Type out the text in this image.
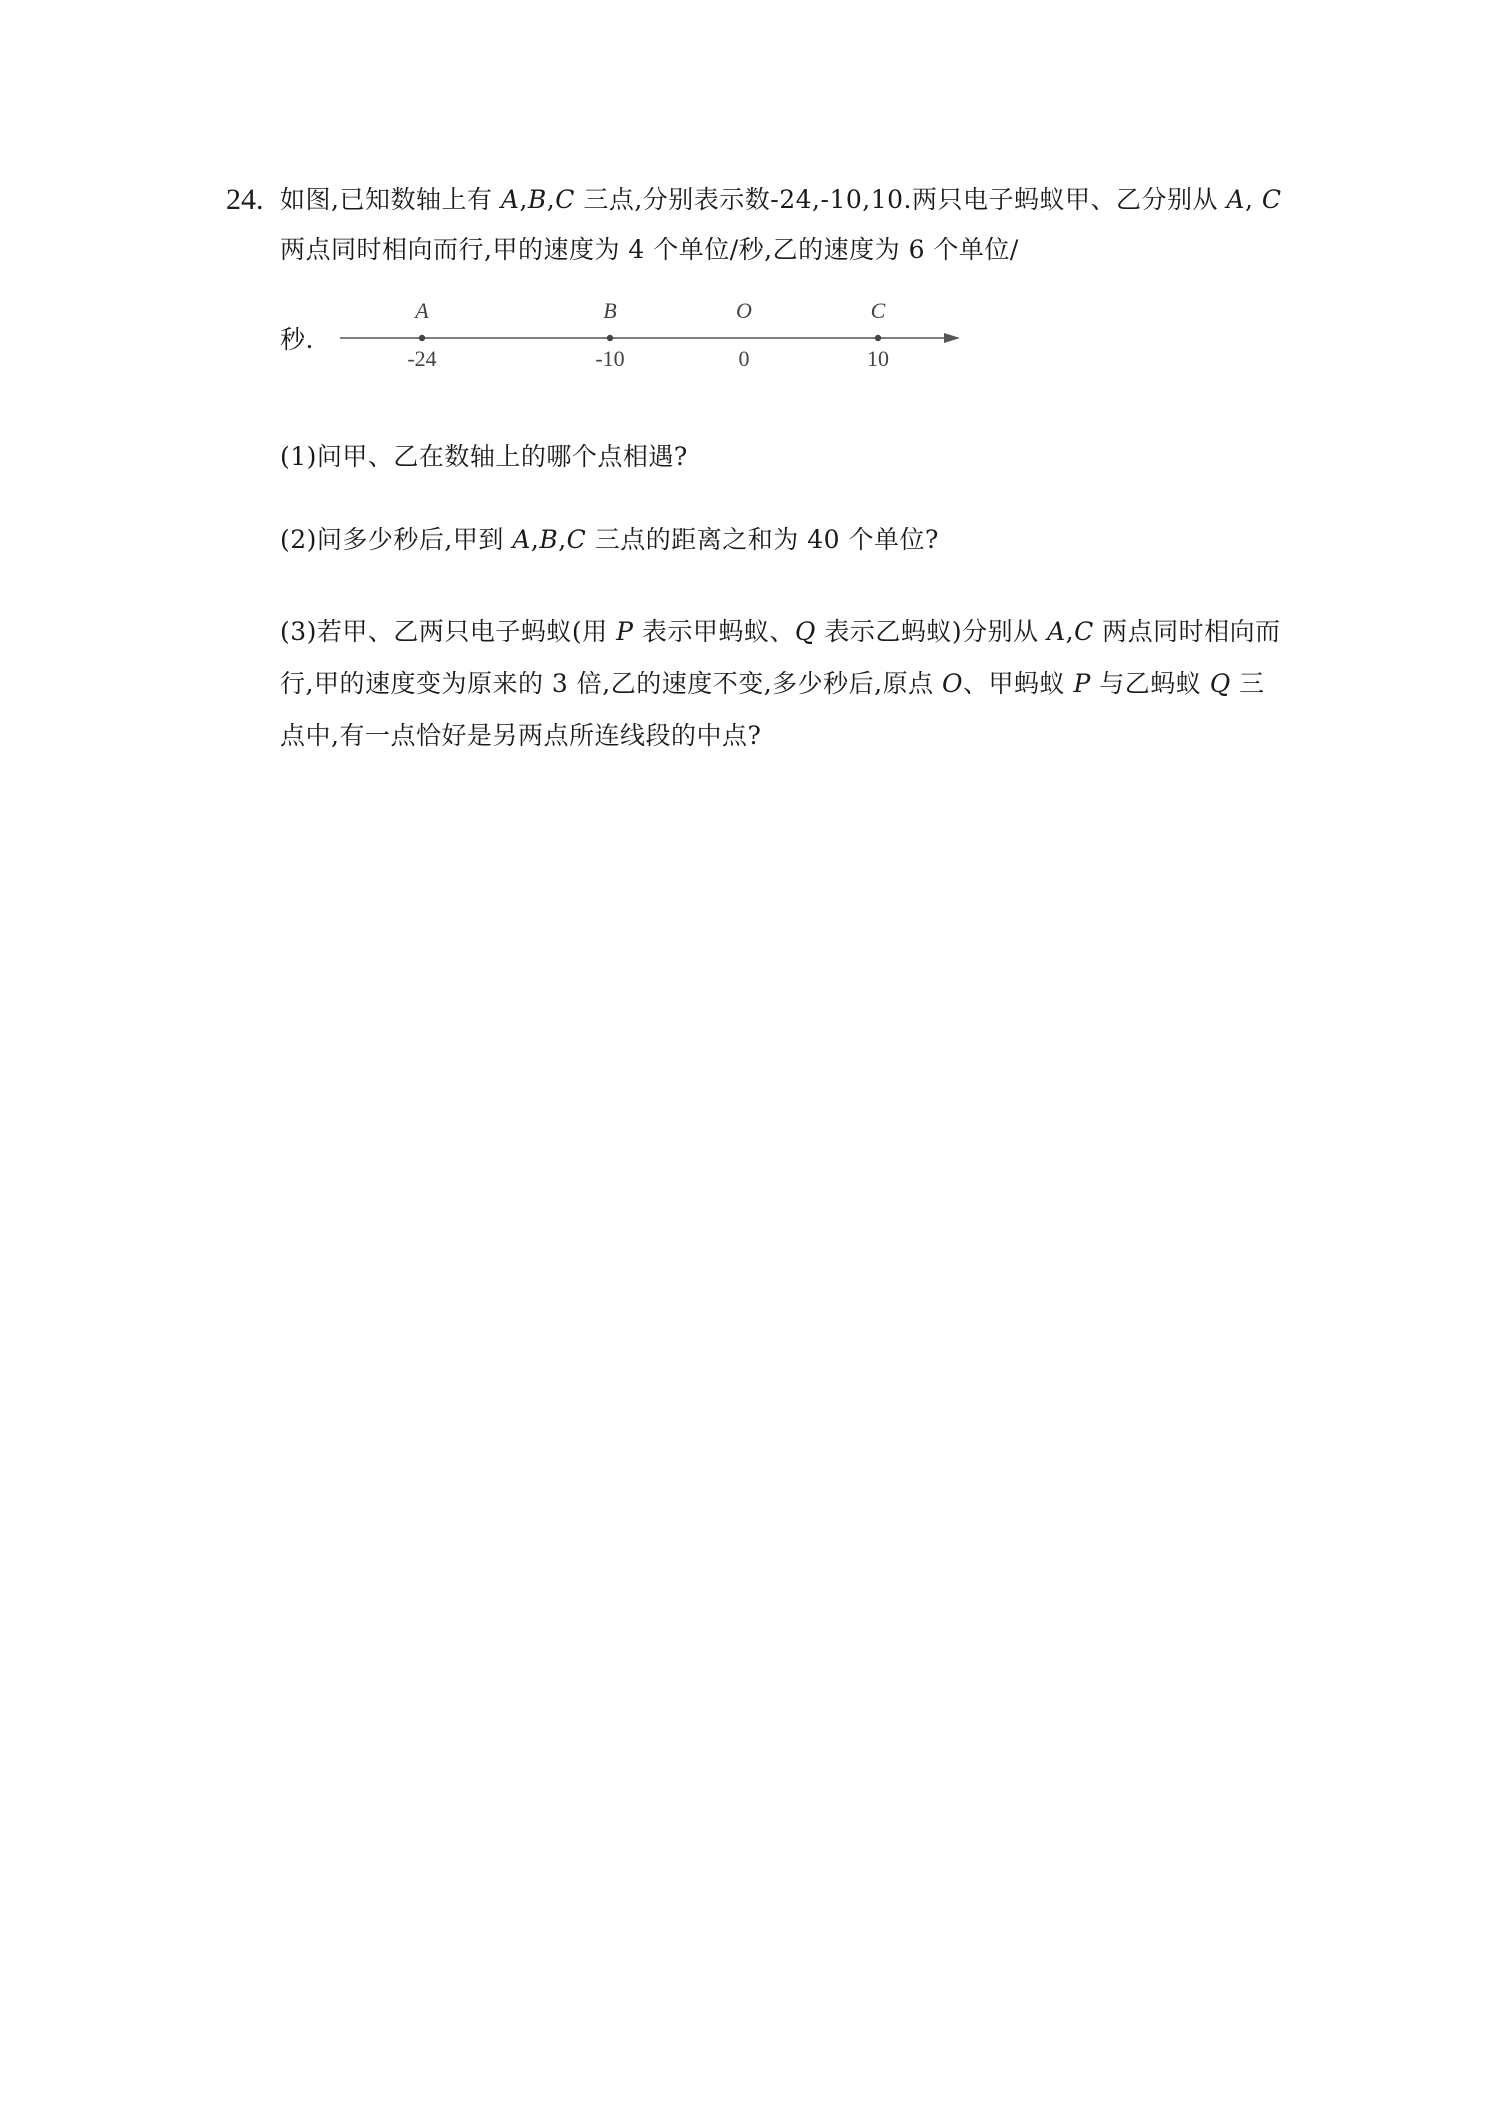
24. 如图,已知数轴上有 A,B,C 三点,分别表示数-24,-10,10.两只电子蚂蚁甲、乙分别从 A, C
两点同时相向而行,甲的速度为 4 个单位/秒,乙的速度为 6 个单位/
秒.
A
-24
B
-10
O
0
C
10
(1)问甲、乙在数轴上的哪个点相遇?
(2)问多少秒后,甲到 A,B,C 三点的距离之和为 40 个单位?
(3)若甲、乙两只电子蚂蚁(用 P 表示甲蚂蚁、Q 表示乙蚂蚁)分别从 A,C 两点同时相向而
行,甲的速度变为原来的 3 倍,乙的速度不变,多少秒后,原点 O、甲蚂蚁 P 与乙蚂蚁 Q 三
点中,有一点恰好是另两点所连线段的中点?
